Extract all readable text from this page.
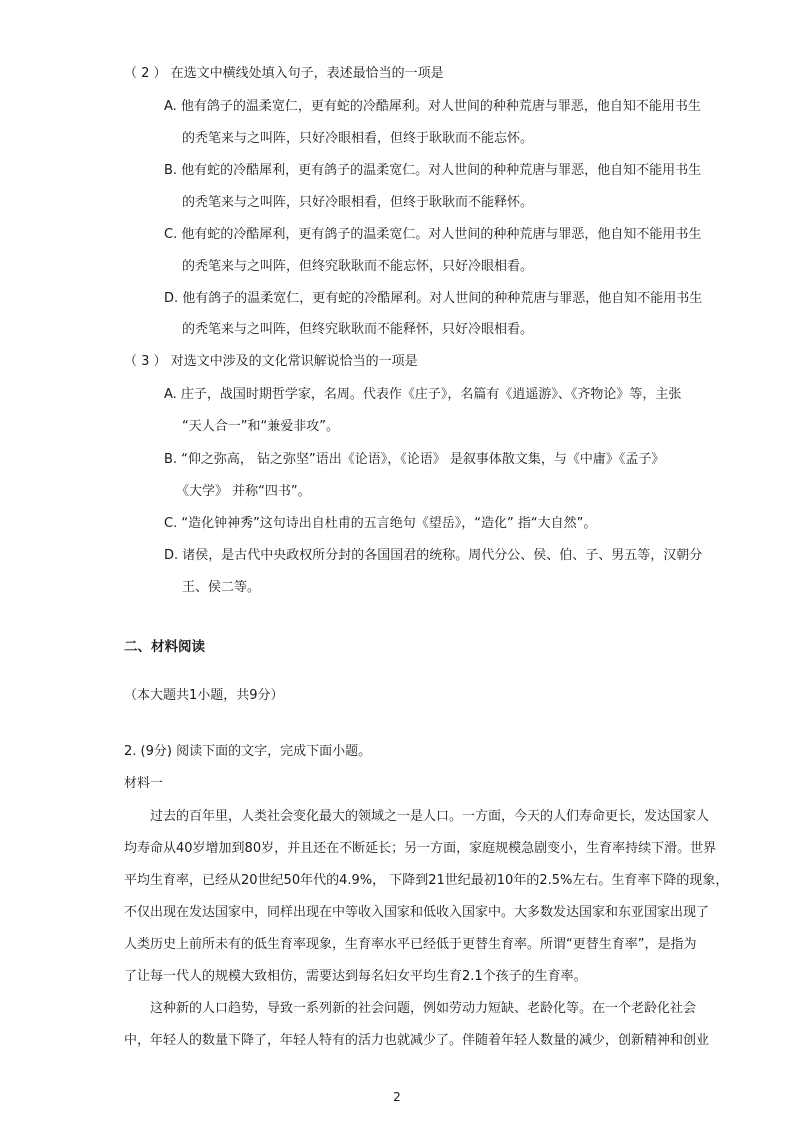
（ 2 ） 在选文中横线处填入句子，表述最恰当的一项是
A. 他有鸽子的温柔宽仁，更有蛇的冷酷犀利。对人世间的种种荒唐与罪恶，他自知不能用书生
的秃笔来与之叫阵，只好冷眼相看，但终于耿耿而不能忘怀。
B. 他有蛇的冷酷犀利，更有鸽子的温柔宽仁。对人世间的种种荒唐与罪恶，他自知不能用书生
的秃笔来与之叫阵，只好冷眼相看，但终于耿耿而不能释怀。
C. 他有蛇的冷酷犀利，更有鸽子的温柔宽仁。对人世间的种种荒唐与罪恶，他自知不能用书生
的秃笔来与之叫阵，但终究耿耿而不能忘怀，只好冷眼相看。
D. 他有鸽子的温柔宽仁，更有蛇的冷酷犀利。对人世间的种种荒唐与罪恶，他自知不能用书生
的秃笔来与之叫阵，但终究耿耿而不能释怀，只好冷眼相看。
（ 3 ） 对选文中涉及的文化常识解说恰当的一项是
A. 庄子，战国时期哲学家，名周。代表作《庄子》，名篇有《逍遥游》、《齐物论》等，主张
“天人合一”和“兼爱非攻”。
B. “仰之弥高， 钻之弥坚”语出《论语》，《论语》 是叙事体散文集，与《中庸》《孟子》
《大学》 并称“四书”。
C. “造化钟神秀”这句诗出自杜甫的五言绝句《望岳》，“造化” 指“大自然”。
D. 诸侯，是古代中央政权所分封的各国国君的统称。周代分公、侯、伯、子、男五等，汉朝分
王、侯二等。
二、材料阅读
（本大题共1小题，共9分）
2. (9分) 阅读下面的文字，完成下面小题。
材料一
过去的百年里，人类社会变化最大的领域之一是人口。一方面，今天的人们寿命更长，发达国家人
均寿命从40岁增加到80岁，并且还在不断延长；另一方面，家庭规模急剧变小，生育率持续下滑。世界
平均生育率，已经从20世纪50年代的4.9%， 下降到21世纪最初10年的2.5%左右。生育率下降的现象，
不仅出现在发达国家中，同样出现在中等收入国家和低收入国家中。大多数发达国家和东亚国家出现了
人类历史上前所未有的低生育率现象，生育率水平已经低于更替生育率。所谓“更替生育率”，是指为
了让每一代人的规模大致相仿，需要达到每名妇女平均生育2.1个孩子的生育率。
这种新的人口趋势，导致一系列新的社会问题，例如劳动力短缺、老龄化等。在一个老龄化社会
中，年轻人的数量下降了，年轻人特有的活力也就减少了。伴随着年轻人数量的减少，创新精神和创业
2
